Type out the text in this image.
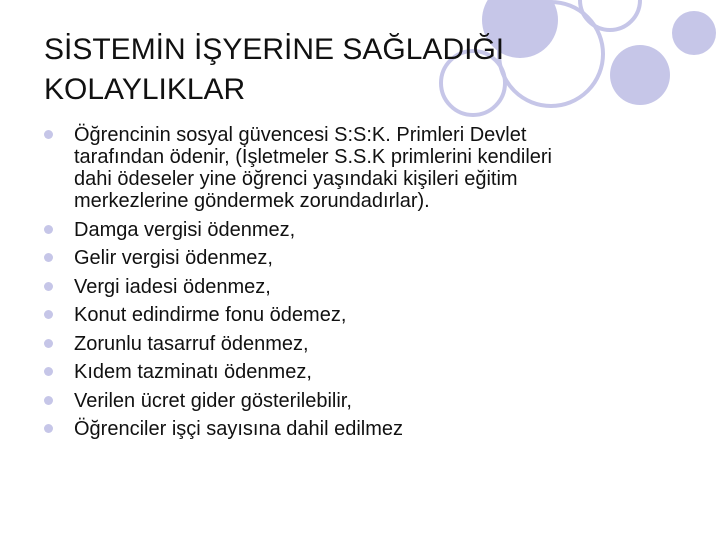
SİSTEMİN İŞYERİNE SAĞLADIĞI KOLAYLIKLAR
Öğrencinin sosyal güvencesi S:S:K. Primleri Devlet
tarafından ödenir, (İşletmeler S.S.K primlerini kendileri
dahi ödeseler yine öğrenci yaşındaki kişileri eğitim
merkezlerine göndermek zorundadırlar).
Damga vergisi ödenmez,
Gelir vergisi ödenmez,
Vergi iadesi ödenmez,
Konut edindirme fonu ödemez,
Zorunlu tasarruf ödenmez,
Kıdem tazminatı ödenmez,
Verilen ücret gider gösterilebilir,
Öğrenciler işçi sayısına dahil edilmez
